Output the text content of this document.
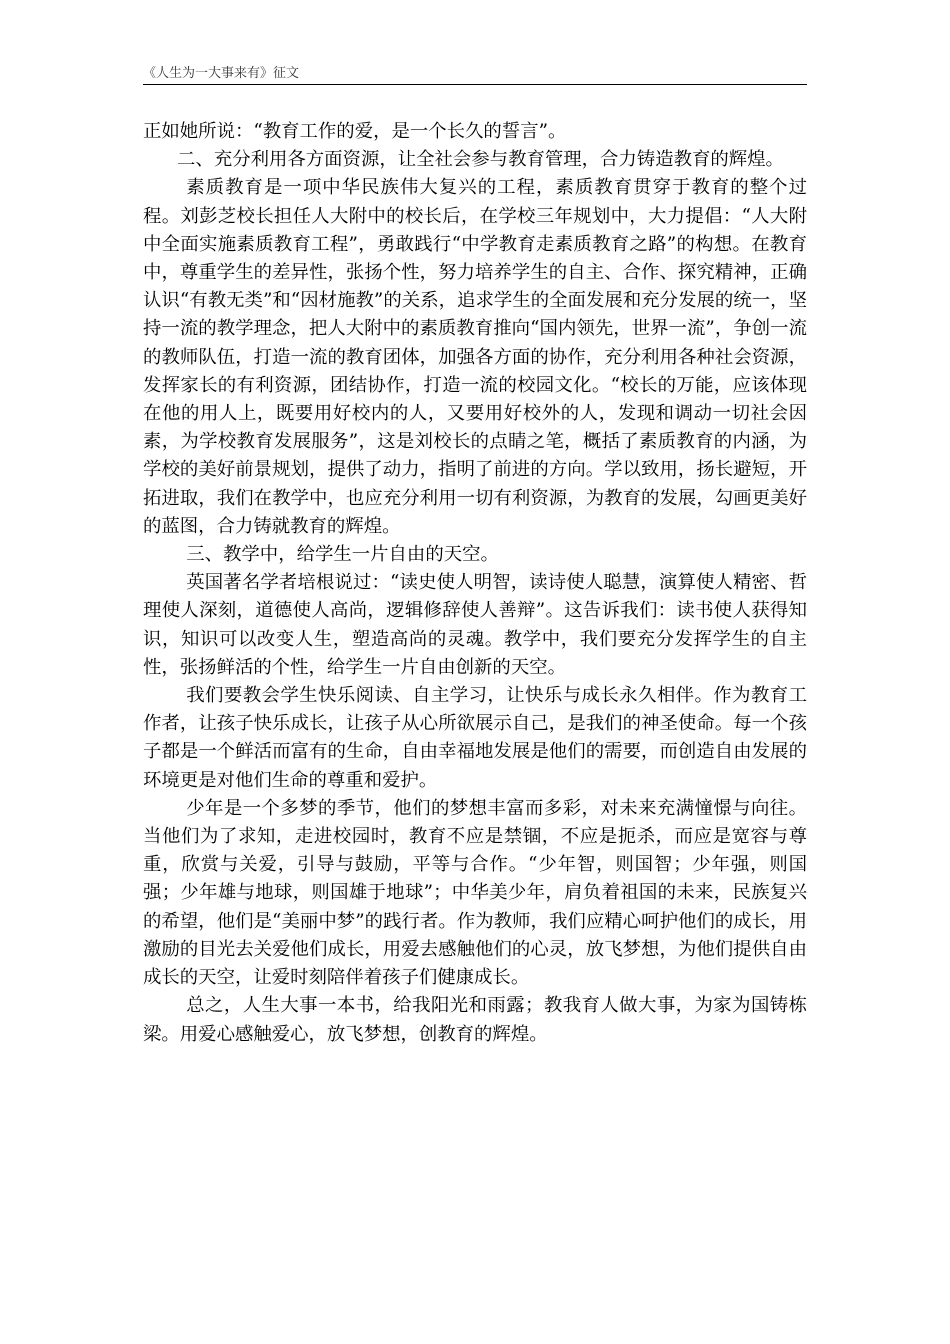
《人生为一大事来有》征文

正如她所说：“教育工作的爱，是一个长久的誓言”。

二、充分利用各方面资源，让全社会参与教育管理，合力铸造教育的辉煌。

素质教育是一项中华民族伟大复兴的工程，素质教育贯穿于教育的整个过程。刘彭芝校长担任人大附中的校长后，在学校三年规划中，大力提倡：“人大附中全面实施素质教育工程”，勇敢践行“中学教育走素质教育之路”的构想。在教育中，尊重学生的差异性，张扬个性，努力培养学生的自主、合作、探究精神，正确认识“有教无类”和“因材施教”的关系，追求学生的全面发展和充分发展的统一，坚持一流的教学理念，把人大附中的素质教育推向“国内领先，世界一流”，争创一流的教师队伍，打造一流的教育团体，加强各方面的协作，充分利用各种社会资源，发挥家长的有利资源，团结协作，打造一流的校园文化。“校长的万能，应该体现在他的用人上，既要用好校内的人，又要用好校外的人，发现和调动一切社会因素，为学校教育发展服务”，这是刘校长的点睛之笔，概括了素质教育的内涵，为学校的美好前景规划，提供了动力，指明了前进的方向。学以致用，扬长避短，开拓进取，我们在教学中，也应充分利用一切有利资源，为教育的发展，勾画更美好的蓝图，合力铸就教育的辉煌。

三、教学中，给学生一片自由的天空。

英国著名学者培根说过：“读史使人明智，读诗使人聪慧，演算使人精密、哲理使人深刻，道德使人高尚，逻辑修辞使人善辩”。这告诉我们：读书使人获得知识，知识可以改变人生，塑造高尚的灵魂。教学中，我们要充分发挥学生的自主性，张扬鲜活的个性，给学生一片自由创新的天空。

我们要教会学生快乐阅读、自主学习，让快乐与成长永久相伴。作为教育工作者，让孩子快乐成长，让孩子从心所欲展示自己，是我们的神圣使命。每一个孩子都是一个鲜活而富有的生命，自由幸福地发展是他们的需要，而创造自由发展的环境更是对他们生命的尊重和爱护。

少年是一个多梦的季节，他们的梦想丰富而多彩，对未来充满憧憬与向往。当他们为了求知，走进校园时，教育不应是禁锢，不应是扼杀，而应是宽容与尊重，欣赏与关爱，引导与鼓励，平等与合作。“少年智，则国智；少年强，则国强；少年雄与地球，则国雄于地球”；中华美少年，肩负着祖国的未来，民族复兴的希望，他们是“美丽中梦”的践行者。作为教师，我们应精心呵护他们的成长，用激励的目光去关爱他们成长，用爱去感触他们的心灵，放飞梦想，为他们提供自由成长的天空，让爱时刻陪伴着孩子们健康成长。

总之，人生大事一本书，给我阳光和雨露；教我育人做大事，为家为国铸栋梁。用爱心感触爱心，放飞梦想，创教育的辉煌。
